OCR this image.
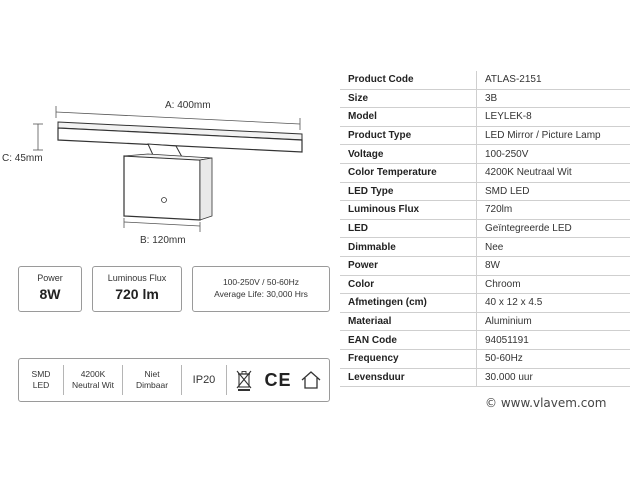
A: 400mm
C: 45mm
B: 120mm
Power
8W
Luminous Flux
720 lm
100-250V / 50-60Hz
Average Life: 30,000 Hrs
SMD
LED
4200K
Neutral Wit
Niet
Dimbaar IP20	CE
Product Code	ATLAS-2151
Size	3B
Model	LEYLEK-8
Product Type	LED Mirror / Picture Lamp
Voltage	100-250V
Color Temperature	4200K Neutraal Wit
LED Type	SMD LED
Luminous Flux	720lm
LED	Geïntegreerde LED
Dimmable	Nee
Power	8W
Color	Chroom
Afmetingen (cm)	40 x 12 x 4.5
Materiaal	Aluminium
EAN Code	94051191
Frequency	50-60Hz
Levensduur	30.000 uur
© www.vlavem.com
